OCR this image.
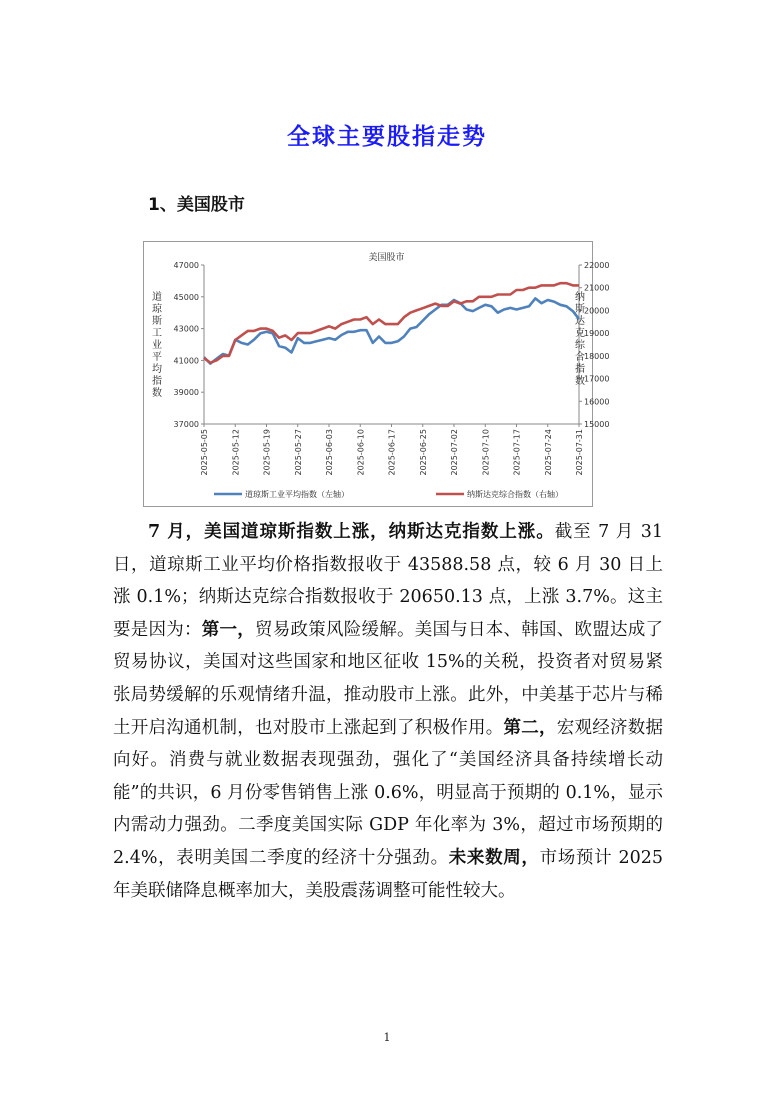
全球主要股指走势
1、美国股市
美国股市
47000
45000
43000
41000
39000
37000
22000
21000
20000
19000
18000
17000
16000
15000
道
琼
斯
工
业
平
均
指
数
纳
斯
达
克
综
合
指
数
2025-05-05	2025-05-12	2025-05-19	2025-05-27	2025-06-03	2025-06-10	2025-06-17	2025-06-25	2025-07-02	2025-07-10	2025-07-17	2025-07-24	2025-07-31
道琼斯工业平均指数（左轴）	纳斯达克综合指数（右轴）

7 月，美国道琼斯指数上涨，纳斯达克指数上涨。截至 7 月 31 日，道琼斯工业平均价格指数报收于 43588.58 点，较 6 月 30 日上涨 0.1%；纳斯达克综合指数报收于 20650.13 点，上涨 3.7%。这主要是因为：第一，贸易政策风险缓解。美国与日本、韩国、欧盟达成了贸易协议，美国对这些国家和地区征收 15%的关税，投资者对贸易紧张局势缓解的乐观情绪升温，推动股市上涨。此外，中美基于芯片与稀土开启沟通机制，也对股市上涨起到了积极作用。第二，宏观经济数据向好。消费与就业数据表现强劲，强化了“美国经济具备持续增长动能”的共识，6 月份零售销售上涨 0.6%，明显高于预期的 0.1%，显示内需动力强劲。二季度美国实际 GDP 年化率为 3%，超过市场预期的 2.4%，表明美国二季度的经济十分强劲。未来数周，市场预计 2025 年美联储降息概率加大，美股震荡调整可能性较大。

1
